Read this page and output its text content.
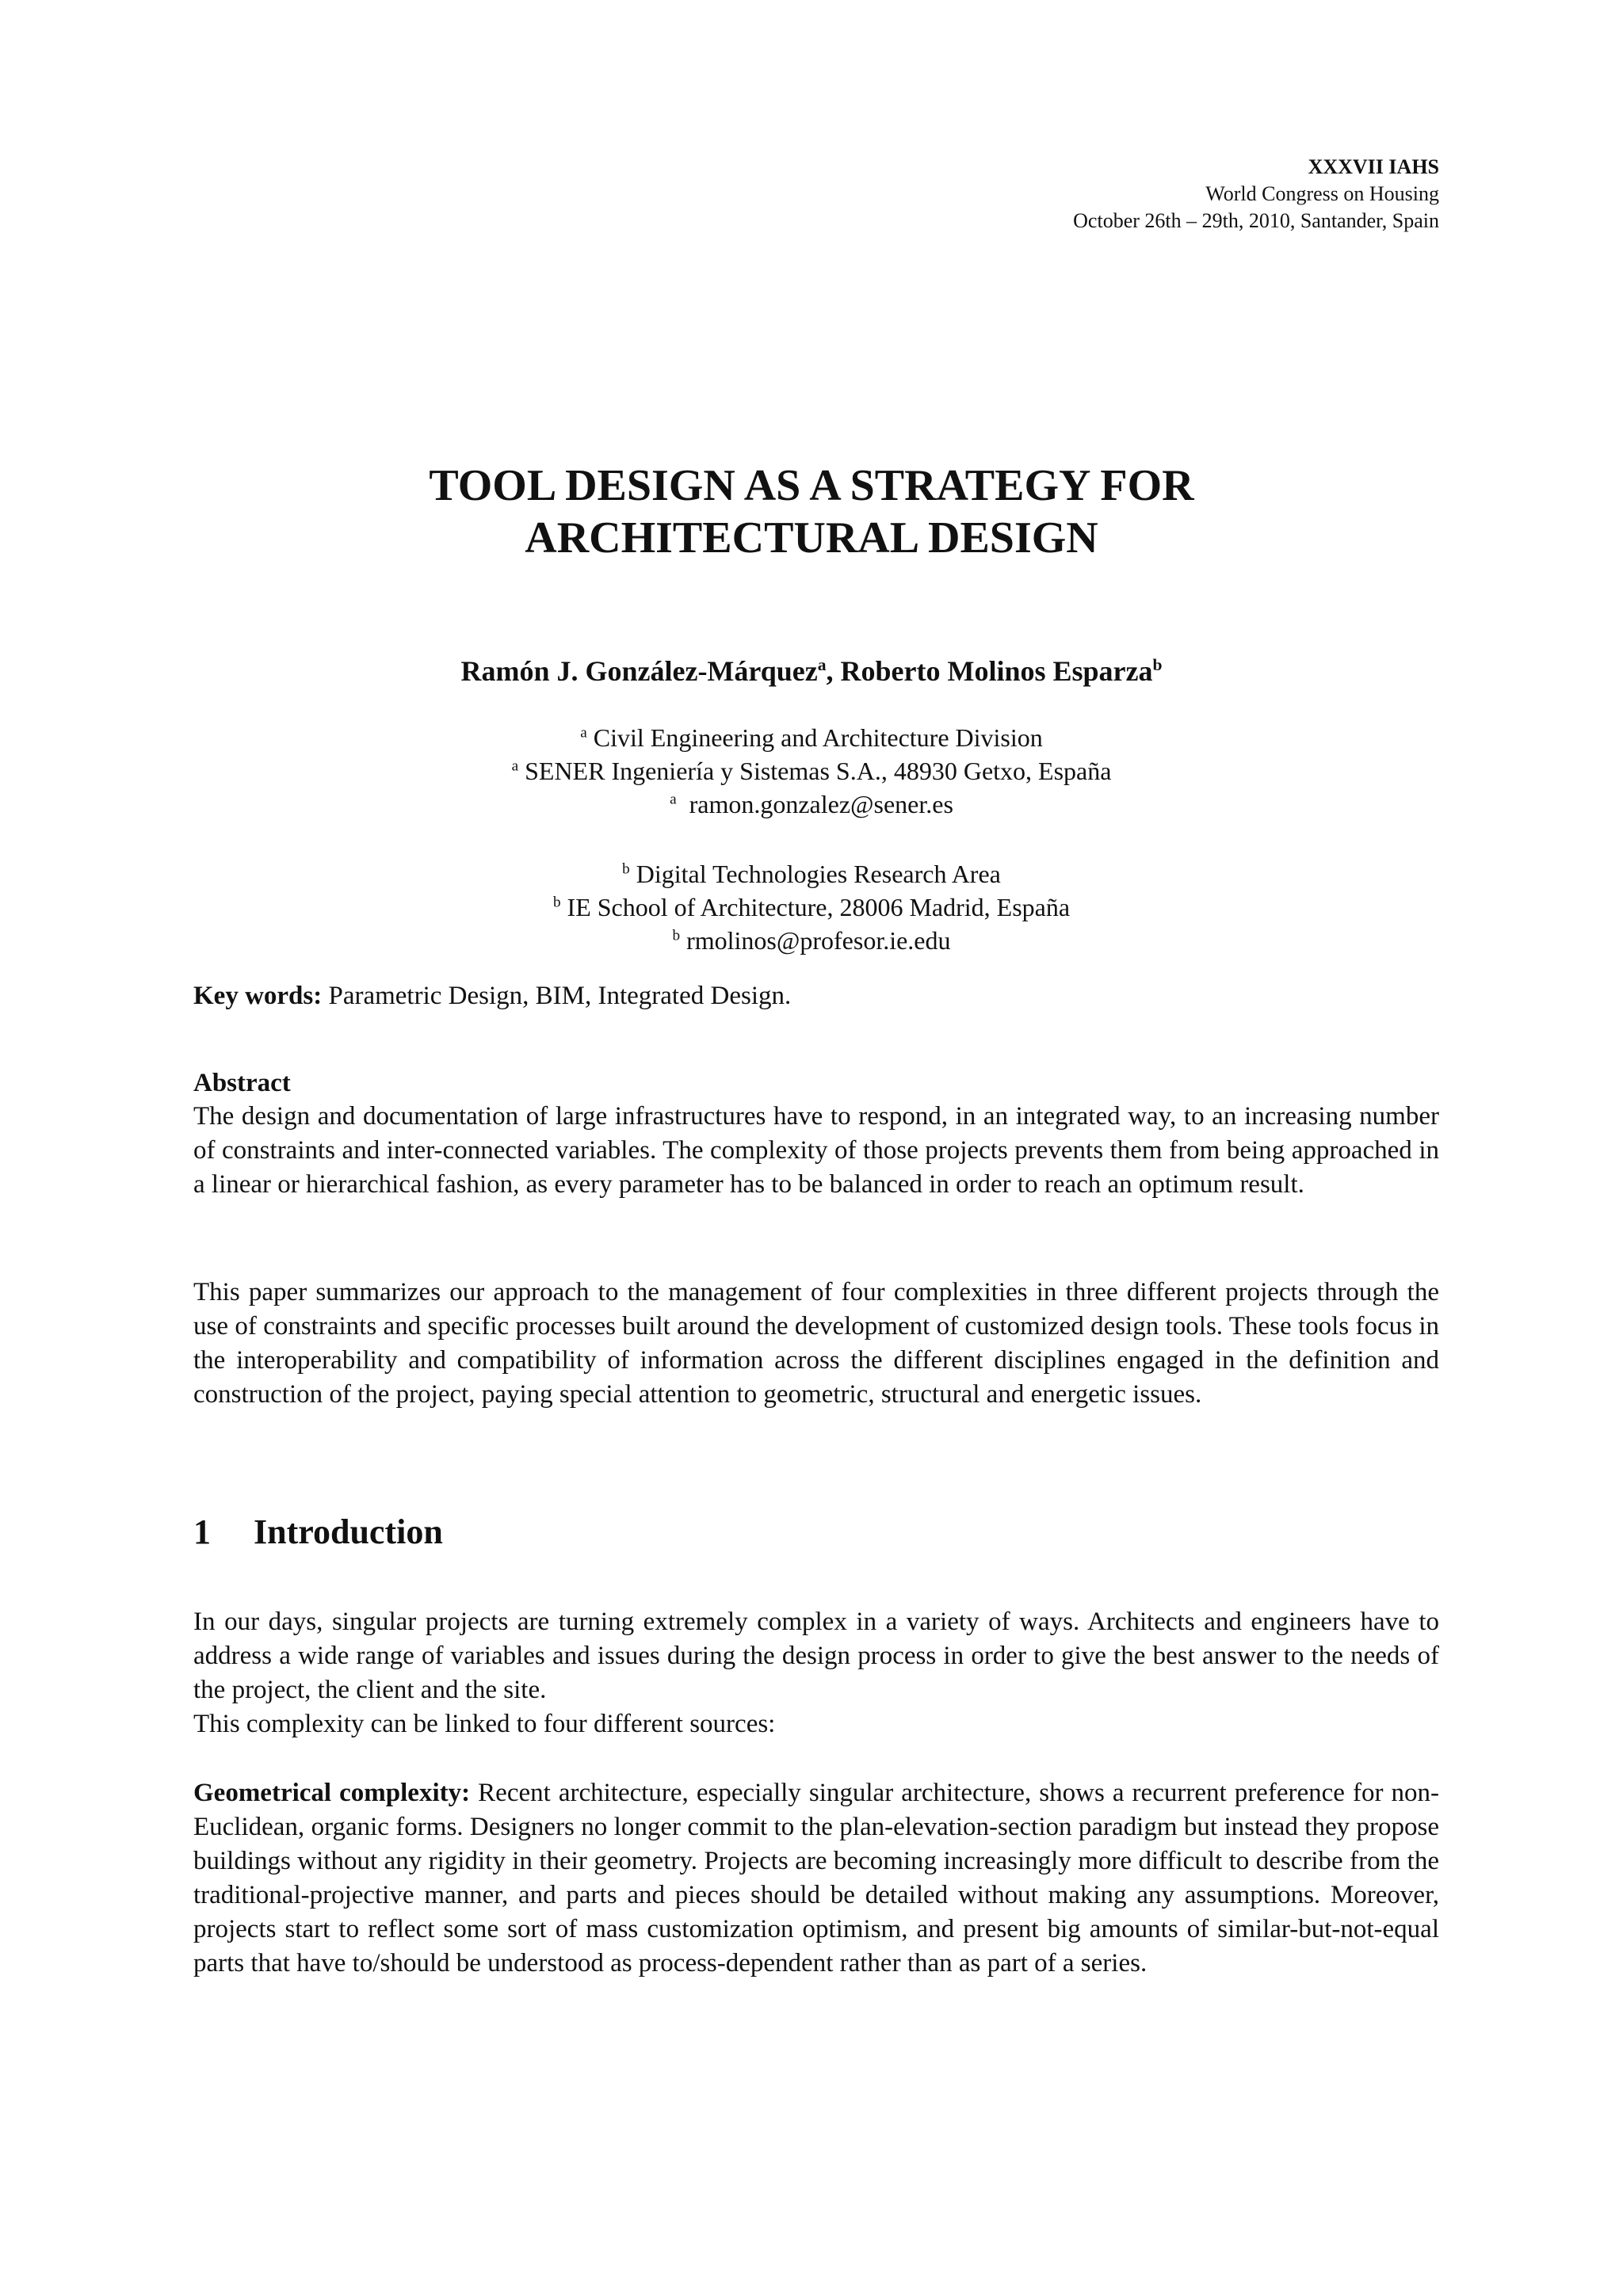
XXXVII IAHS
World Congress on Housing
October 26th – 29th, 2010, Santander, Spain
TOOL DESIGN AS A STRATEGY FOR
ARCHITECTURAL DESIGN
Ramón J. González-Márquez$^a$, Roberto Molinos Esparza$^b$
$^a$ Civil Engineering and Architecture Division
$^a$ SENER Ingeniería y Sistemas S.A., 48930 Getxo, España
$^a$ ramon.gonzalez@sener.es
$^b$ Digital Technologies Research Area
$^b$ IE School of Architecture, 28006 Madrid, España
$^b$ rmolinos@profesor.ie.edu
Key words: Parametric Design, BIM, Integrated Design.
Abstract
The design and documentation of large infrastructures have to respond, in an integrated way, to an increasing number of constraints and inter-connected variables. The complexity of those projects prevents them from being approached in a linear or hierarchical fashion, as every parameter has to be balanced in order to reach an optimum result.
This paper summarizes our approach to the management of four complexities in three different projects through the use of constraints and specific processes built around the development of customized design tools. These tools focus in the interoperability and compatibility of information across the different disciplines engaged in the definition and construction of the project, paying special attention to geometric, structural and energetic issues.
1 Introduction
In our days, singular projects are turning extremely complex in a variety of ways. Architects and engineers have to address a wide range of variables and issues during the design process in order to give the best answer to the needs of the project, the client and the site.
This complexity can be linked to four different sources:
Geometrical complexity: Recent architecture, especially singular architecture, shows a recurrent preference for non-Euclidean, organic forms. Designers no longer commit to the plan-elevation-section paradigm but instead they propose buildings without any rigidity in their geometry. Projects are becoming increasingly more difficult to describe from the traditional-projective manner, and parts and pieces should be detailed without making any assumptions. Moreover, projects start to reflect some sort of mass customization optimism, and present big amounts of similar-but-not-equal parts that have to/should be understood as process-dependent rather than as part of a series.
